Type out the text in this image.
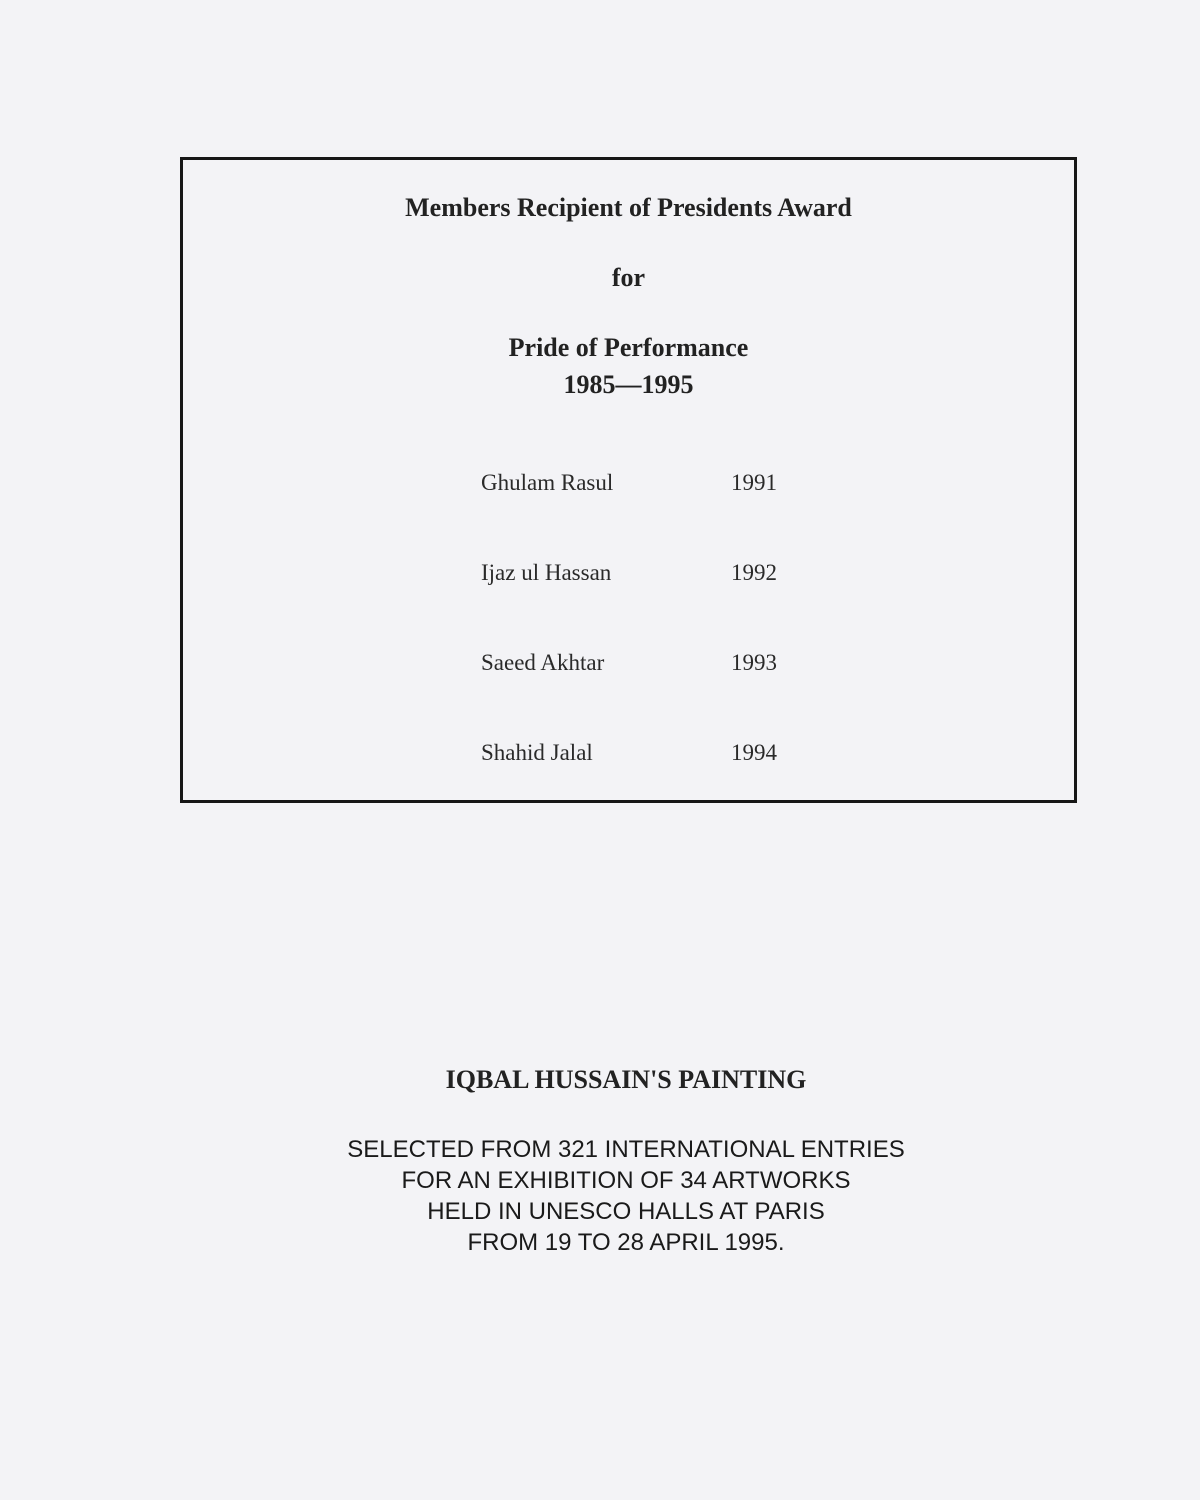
Members Recipient of Presidents Award
for
Pride of Performance
1985—1995
Ghulam Rasul	1991
Ijaz ul Hassan	1992
Saeed Akhtar	1993
Shahid Jalal	1994
IQBAL HUSSAIN'S PAINTING
SELECTED FROM 321 INTERNATIONAL ENTRIES
FOR AN EXHIBITION OF 34 ARTWORKS
HELD IN UNESCO HALLS AT PARIS
FROM 19 TO 28 APRIL 1995.
